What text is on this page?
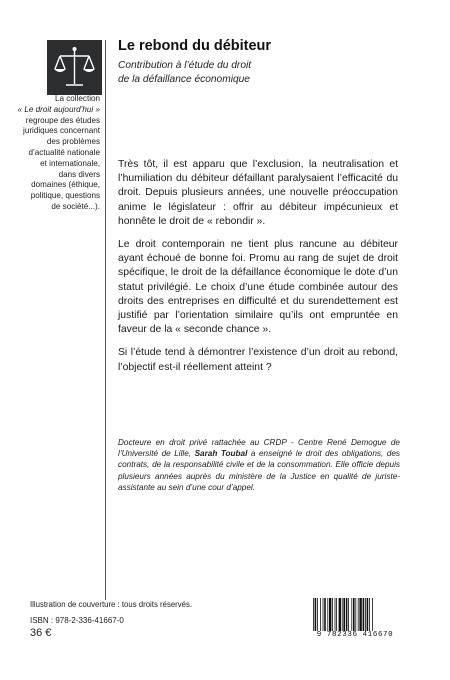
La collection
« Le droit aujourd’hui »
regroupe des études
juridiques concernant
des problèmes
d’actualité nationale
et internationale,
dans divers
domaines (éthique,
politique, questions
de société...).
Le rebond du débiteur
Contribution à l’étude du droit
de la défaillance économique

Très tôt, il est apparu que l’exclusion, la neutralisation et l’humiliation du débiteur défaillant paralysaient l’efficacité du droit. Depuis plusieurs années, une nouvelle préoccupation anime le législateur : offrir au débiteur impécunieux et honnête le droit de « rebondir ».

Le droit contemporain ne tient plus rancune au débiteur ayant échoué de bonne foi. Promu au rang de sujet de droit spécifique, le droit de la défaillance économique le dote d’un statut privilégié. Le choix d’une étude combinée autour des droits des entreprises en difficulté et du surendettement est justifié par l’orientation similaire qu’ils ont empruntée en faveur de la « seconde chance ».

Si l’étude tend à démontrer l’existence d’un droit au rebond, l’objectif est-il réellement atteint ?

Docteure en droit privé rattachée au CRDP - Centre René Demogue de l’Université de Lille, Sarah Toubal a enseigné le droit des obligations, des contrats, de la responsabilité civile et de la consommation. Elle officie depuis plusieurs années auprès du ministère de la Justice en qualité de juriste-assistante au sein d’une cour d’appel.
Illustration de couverture : tous droits réservés.
ISBN : 978-2-336-41667-0
36 €	9 782336 416670
